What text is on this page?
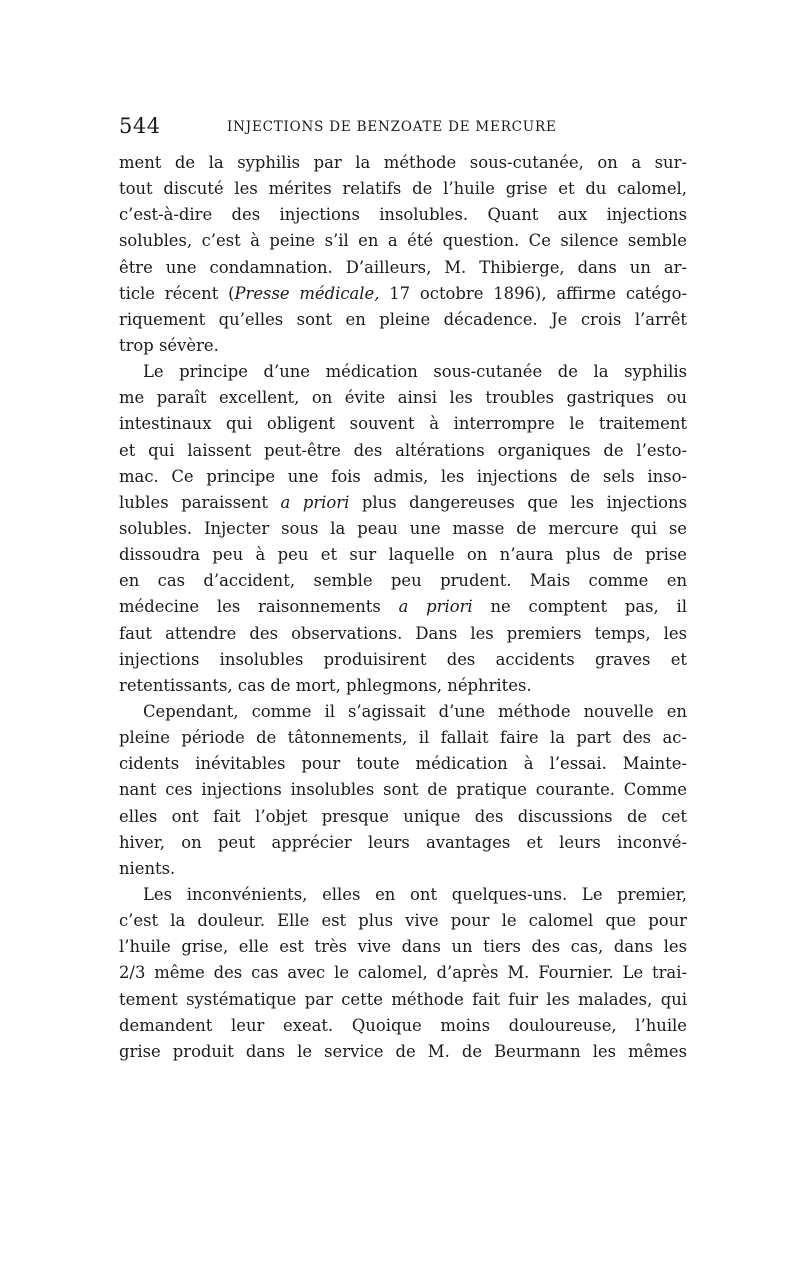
544	INJECTIONS DE BENZOATE DE MERCURE
ment de la syphilis par la méthode sous-cutanée, on a sur-
tout discuté les mérites relatifs de l’huile grise et du calomel,
c’est-à-dire des injections insolubles. Quant aux injections
solubles, c’est à peine s’il en a été question. Ce silence semble
être une condamnation. D’ailleurs, M. Thibierge, dans un ar-
ticle récent (Presse médicale, 17 octobre 1896), affirme catégo-
riquement qu’elles sont en pleine décadence. Je crois l’arrêt
trop sévère.
Le principe d’une médication sous-cutanée de la syphilis
me paraît excellent, on évite ainsi les troubles gastriques ou
intestinaux qui obligent souvent à interrompre le traitement
et qui laissent peut-être des altérations organiques de l’esto-
mac. Ce principe une fois admis, les injections de sels inso-
lubles paraissent a priori plus dangereuses que les injections
solubles. Injecter sous la peau une masse de mercure qui se
dissoudra peu à peu et sur laquelle on n’aura plus de prise
en cas d’accident, semble peu prudent. Mais comme en
médecine les raisonnements a priori ne comptent pas, il
faut attendre des observations. Dans les premiers temps, les
injections insolubles produisirent des accidents graves et
retentissants, cas de mort, phlegmons, néphrites.
Cependant, comme il s’agissait d’une méthode nouvelle en
pleine période de tâtonnements, il fallait faire la part des ac-
cidents inévitables pour toute médication à l’essai. Mainte-
nant ces injections insolubles sont de pratique courante. Comme
elles ont fait l’objet presque unique des discussions de cet
hiver, on peut apprécier leurs avantages et leurs inconvé-
nients.
Les inconvénients, elles en ont quelques-uns. Le premier,
c’est la douleur. Elle est plus vive pour le calomel que pour
l’huile grise, elle est très vive dans un tiers des cas, dans les
2/3 même des cas avec le calomel, d’après M. Fournier. Le trai-
tement systématique par cette méthode fait fuir les malades, qui
demandent leur exeat. Quoique moins douloureuse, l’huile
grise produit dans le service de M. de Beurmann les mêmes
